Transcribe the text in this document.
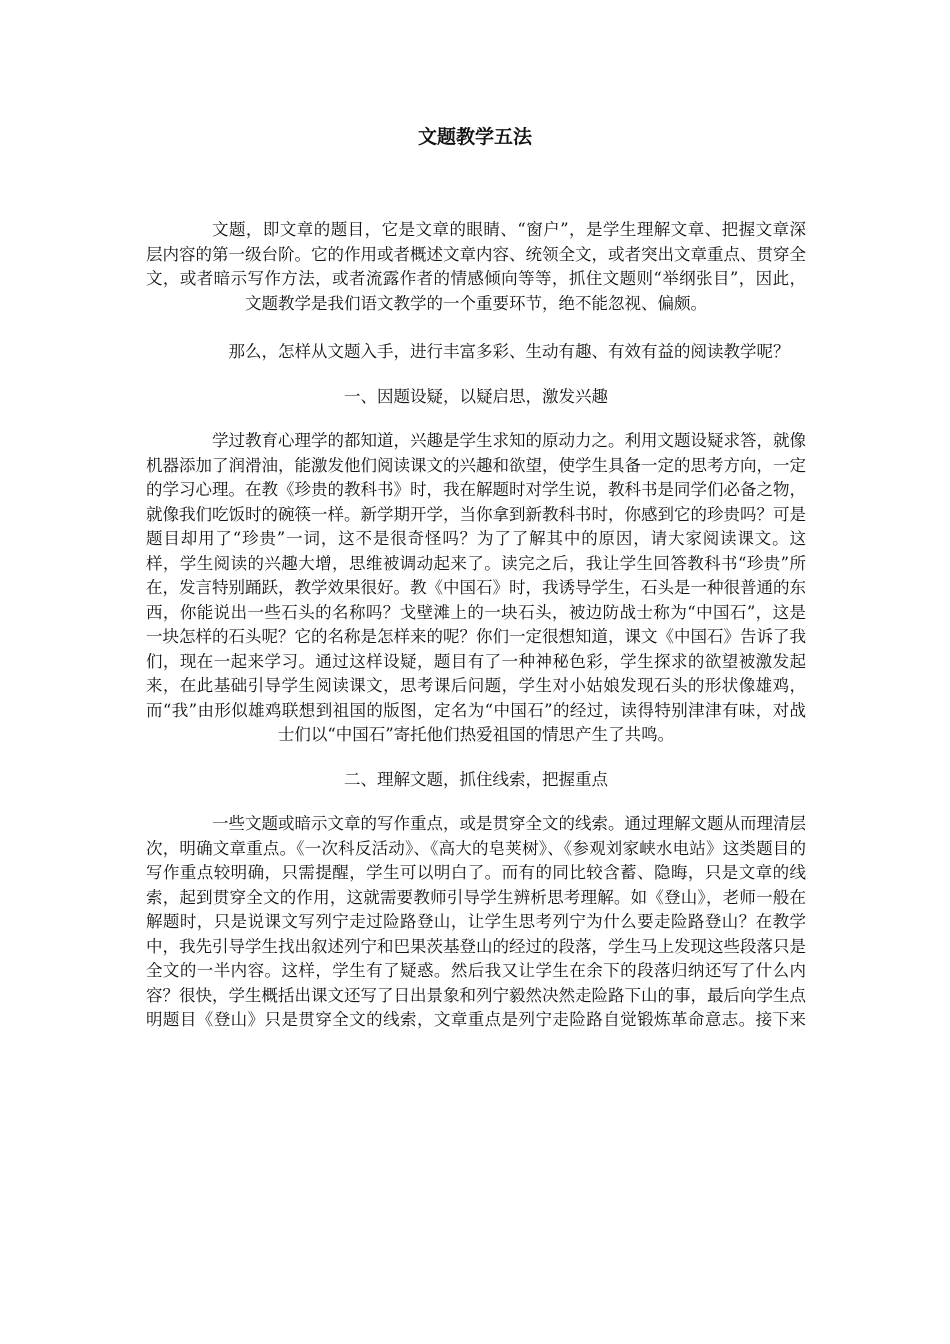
文题教学五法

文题，即文章的题目，它是文章的眼睛、“窗户”，是学生理解文章、把握文章深层内容的第一级台阶。它的作用或者概述文章内容、统领全文，或者突出文章重点、贯穿全文，或者暗示写作方法，或者流露作者的情感倾向等等，抓住文题则“举纲张目”，因此，文题教学是我们语文教学的一个重要环节，绝不能忽视、偏颇。

那么，怎样从文题入手，进行丰富多彩、生动有趣、有效有益的阅读教学呢？

一、因题设疑，以疑启思，激发兴趣

学过教育心理学的都知道，兴趣是学生求知的原动力之。利用文题设疑求答，就像机器添加了润滑油，能激发他们阅读课文的兴趣和欲望，使学生具备一定的思考方向，一定的学习心理。在教《珍贵的教科书》时，我在解题时对学生说，教科书是同学们必备之物，就像我们吃饭时的碗筷一样。新学期开学，当你拿到新教科书时，你感到它的珍贵吗？可是题目却用了“珍贵”一词，这不是很奇怪吗？为了了解其中的原因，请大家阅读课文。这样，学生阅读的兴趣大增，思维被调动起来了。读完之后，我让学生回答教科书“珍贵”所在，发言特别踊跃，教学效果很好。教《中国石》时，我诱导学生，石头是一种很普通的东西，你能说出一些石头的名称吗？戈壁滩上的一块石头，被边防战士称为“中国石”，这是一块怎样的石头呢？它的名称是怎样来的呢？你们一定很想知道，课文《中国石》告诉了我们，现在一起来学习。通过这样设疑，题目有了一种神秘色彩，学生探求的欲望被激发起来，在此基础引导学生阅读课文，思考课后问题，学生对小姑娘发现石头的形状像雄鸡，而“我”由形似雄鸡联想到祖国的版图，定名为“中国石”的经过，读得特别津津有味，对战士们以“中国石”寄托他们热爱祖国的情思产生了共鸣。

二、理解文题，抓住线索，把握重点

一些文题或暗示文章的写作重点，或是贯穿全文的线索。通过理解文题从而理清层次，明确文章重点。《一次科反活动》、《高大的皂荚树》、《参观刘家峡水电站》这类题目的写作重点较明确，只需提醒，学生可以明白了。而有的同比较含蓄、隐晦，只是文章的线索，起到贯穿全文的作用，这就需要教师引导学生辨析思考理解。如《登山》，老师一般在解题时，只是说课文写列宁走过险路登山，让学生思考列宁为什么要走险路登山？在教学中，我先引导学生找出叙述列宁和巴果茨基登山的经过的段落，学生马上发现这些段落只是全文的一半内容。这样，学生有了疑惑。然后我又让学生在余下的段落归纳还写了什么内容？很快，学生概括出课文还写了日出景象和列宁毅然决然走险路下山的事，最后向学生点明题目《登山》只是贯穿全文的线索，文章重点是列宁走险路自觉锻炼革命意志。接下来
